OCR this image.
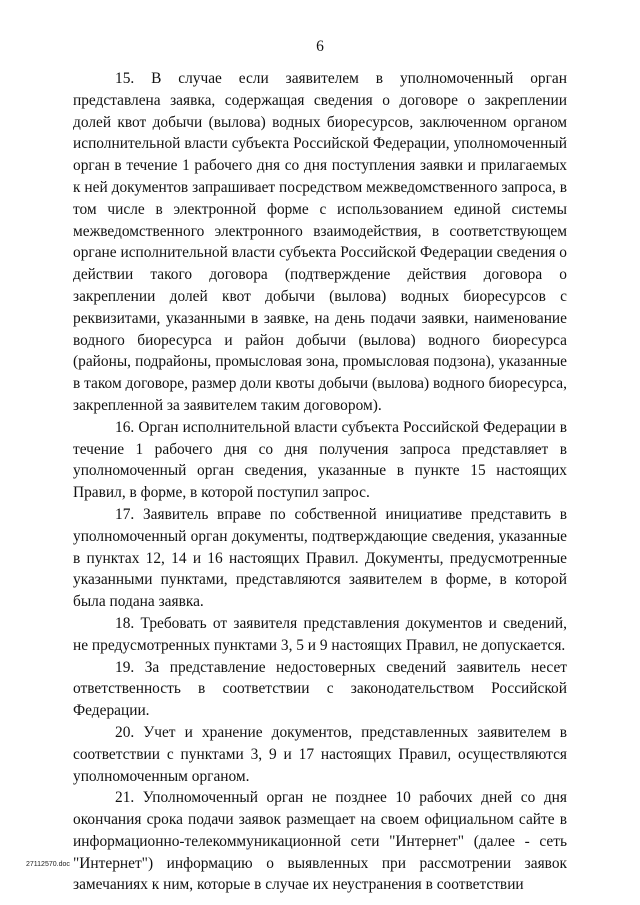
6

15. В случае если заявителем в уполномоченный орган представлена заявка, содержащая сведения о договоре о закреплении долей квот добычи (вылова) водных биоресурсов, заключенном органом исполнительной власти субъекта Российской Федерации, уполномоченный орган в течение 1 рабочего дня со дня поступления заявки и прилагаемых к ней документов запрашивает посредством межведомственного запроса, в том числе в электронной форме с использованием единой системы межведомственного электронного взаимодействия, в соответствующем органе исполнительной власти субъекта Российской Федерации сведения о действии такого договора (подтверждение действия договора о закреплении долей квот добычи (вылова) водных биоресурсов с реквизитами, указанными в заявке, на день подачи заявки, наименование водного биоресурса и район добычи (вылова) водного биоресурса (районы, подрайоны, промысловая зона, промысловая подзона), указанные в таком договоре, размер доли квоты добычи (вылова) водного биоресурса, закрепленной за заявителем таким договором).

16. Орган исполнительной власти субъекта Российской Федерации в течение 1 рабочего дня со дня получения запроса представляет в уполномоченный орган сведения, указанные в пункте 15 настоящих Правил, в форме, в которой поступил запрос.

17. Заявитель вправе по собственной инициативе представить в уполномоченный орган документы, подтверждающие сведения, указанные в пунктах 12, 14 и 16 настоящих Правил. Документы, предусмотренные указанными пунктами, представляются заявителем в форме, в которой была подана заявка.

18. Требовать от заявителя представления документов и сведений, не предусмотренных пунктами 3, 5 и 9 настоящих Правил, не допускается.

19. За представление недостоверных сведений заявитель несет ответственность в соответствии с законодательством Российской Федерации.

20. Учет и хранение документов, представленных заявителем в соответствии с пунктами 3, 9 и 17 настоящих Правил, осуществляются уполномоченным органом.

21. Уполномоченный орган не позднее 10 рабочих дней со дня окончания срока подачи заявок размещает на своем официальном сайте в информационно-телекоммуникационной сети "Интернет" (далее - сеть "Интернет") информацию о выявленных при рассмотрении заявок замечаниях к ним, которые в случае их неустранения в соответствии

27112570.doc
